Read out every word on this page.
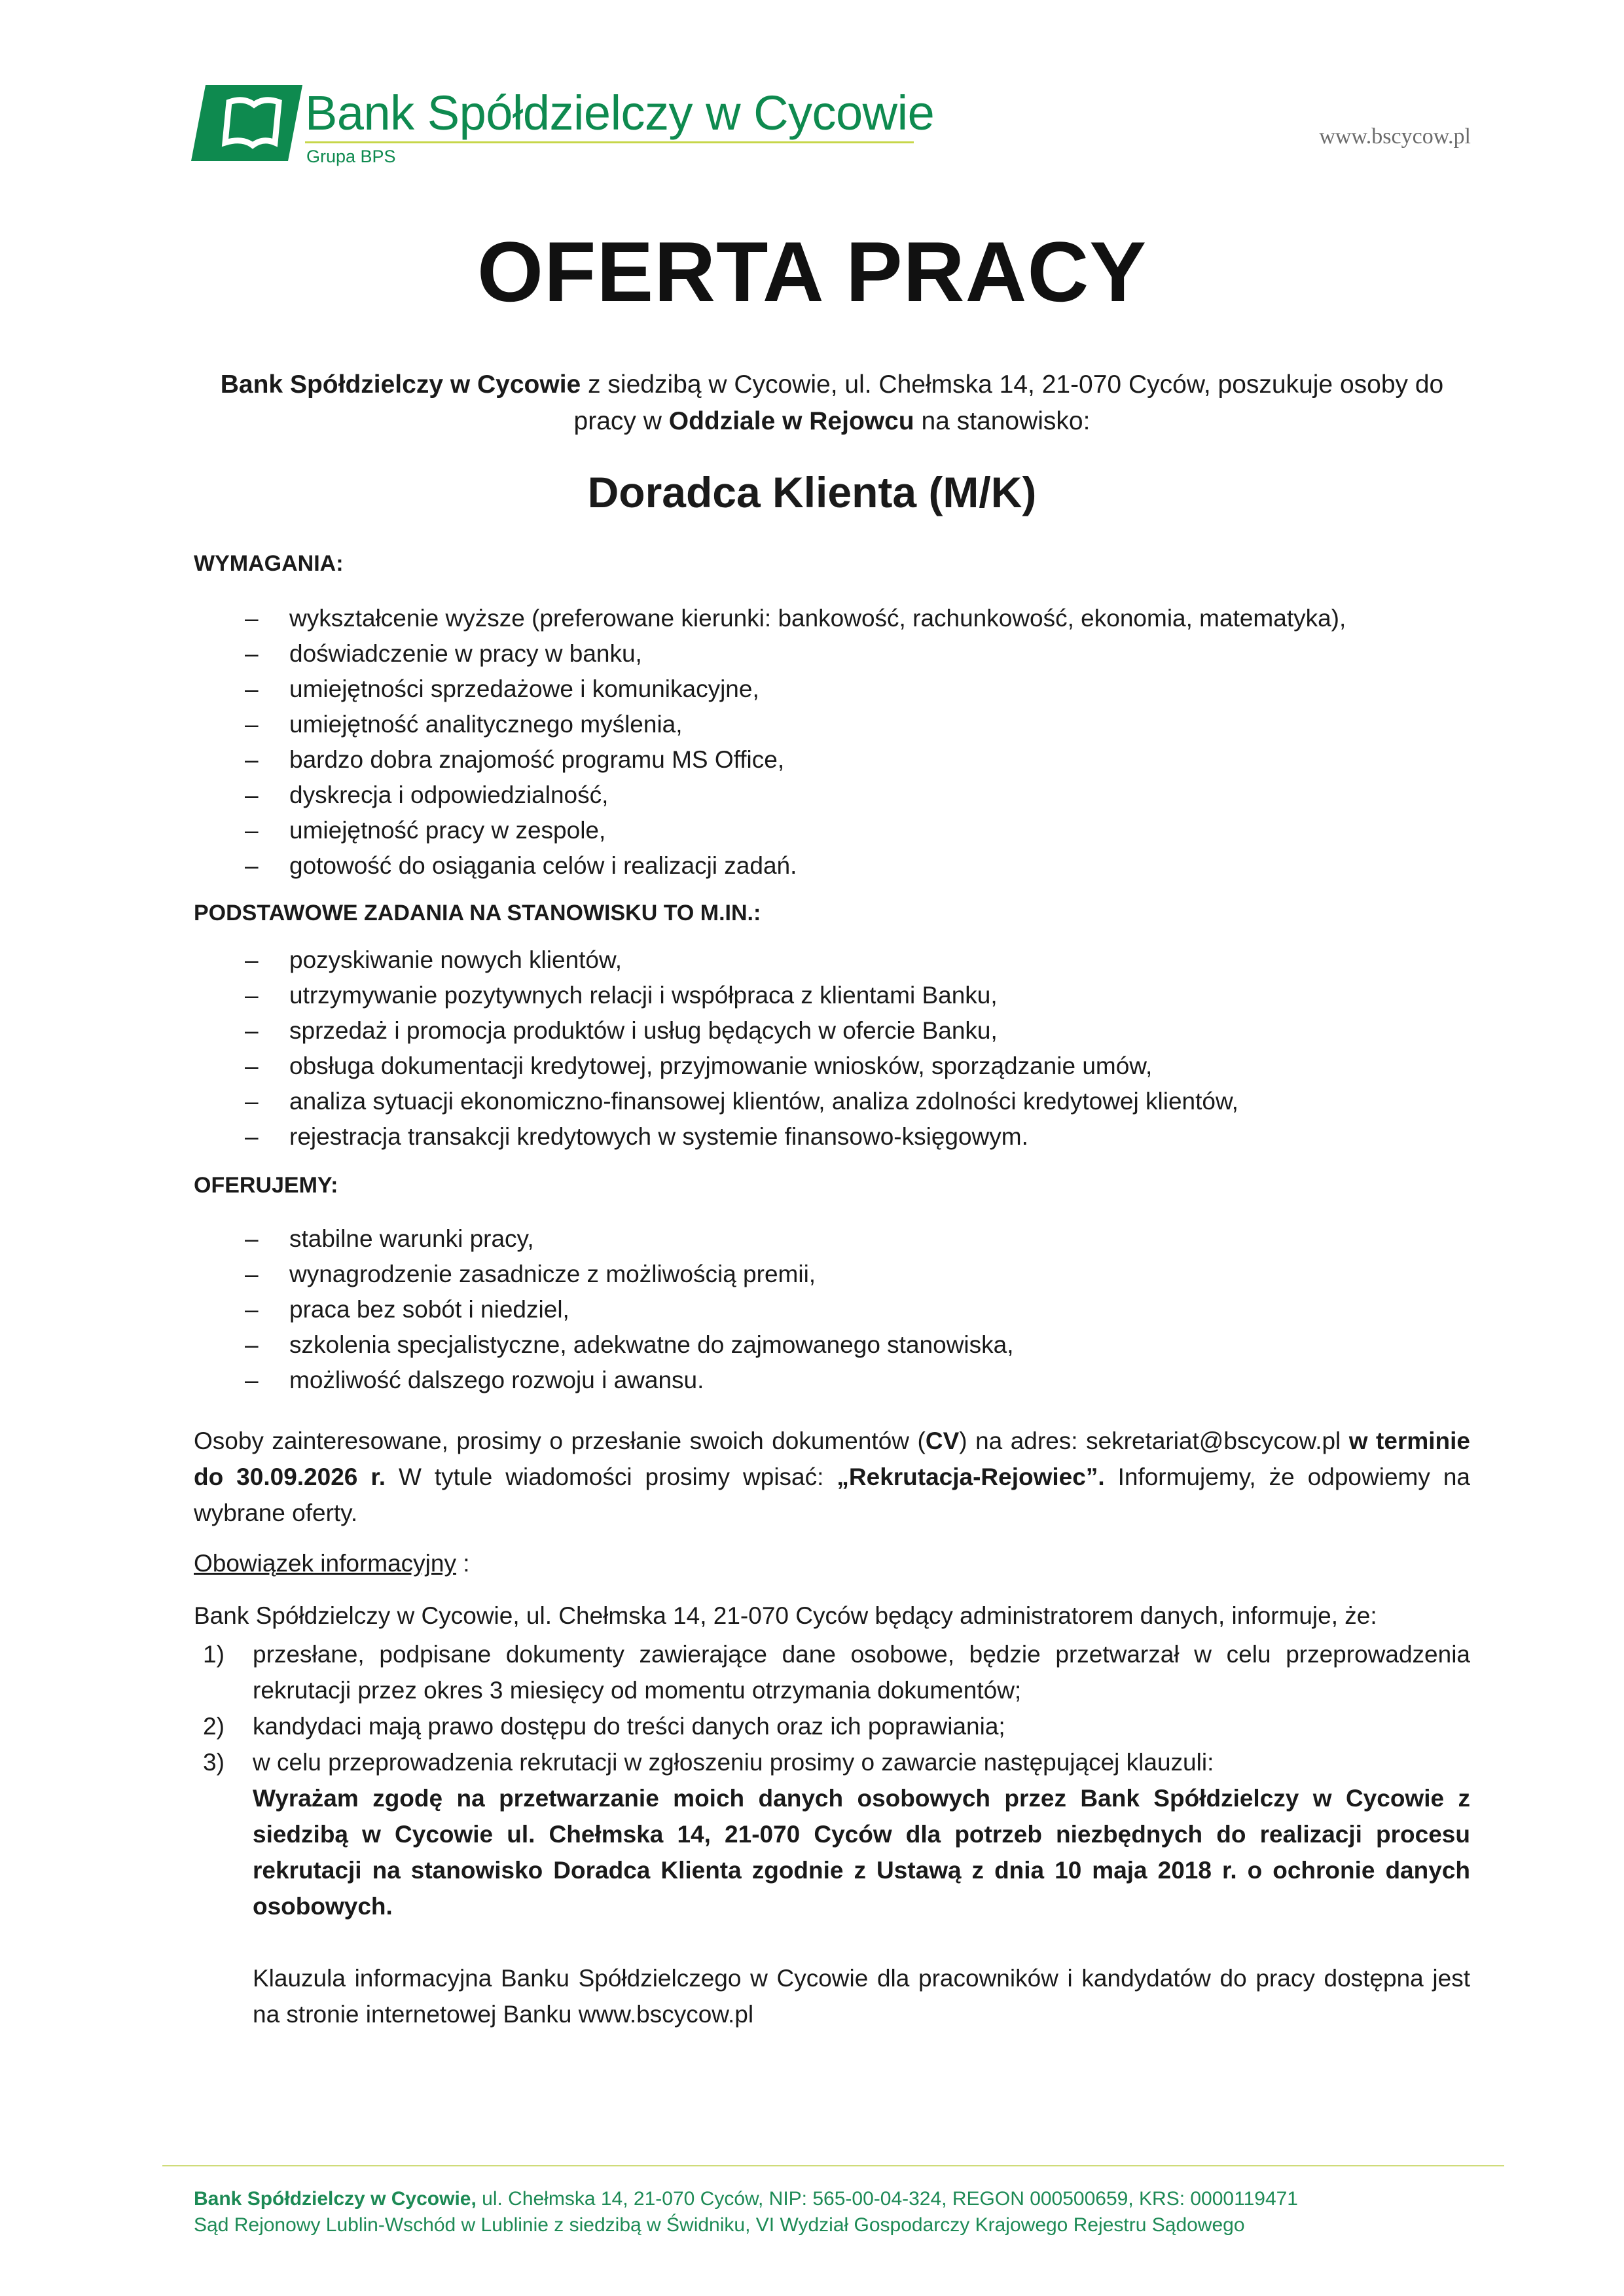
Bank Spółdzielczy w Cycowie
Grupa BPS
www.bscycow.pl
OFERTA PRACY
Bank Spółdzielczy w Cycowie z siedzibą w Cycowie, ul. Chełmska 14, 21-070 Cyców, poszukuje osoby do pracy w Oddziale w Rejowcu na stanowisko:
Doradca Klienta (M/K)
WYMAGANIA:
– wykształcenie wyższe (preferowane kierunki: bankowość, rachunkowość, ekonomia, matematyka),
– doświadczenie w pracy w banku,
– umiejętności sprzedażowe i komunikacyjne,
– umiejętność analitycznego myślenia,
– bardzo dobra znajomość programu MS Office,
– dyskrecja i odpowiedzialność,
– umiejętność pracy w zespole,
– gotowość do osiągania celów i realizacji zadań.
PODSTAWOWE ZADANIA NA STANOWISKU TO M.IN.:
– pozyskiwanie nowych klientów,
– utrzymywanie pozytywnych relacji i współpraca z klientami Banku,
– sprzedaż i promocja produktów i usług będących w ofercie Banku,
– obsługa dokumentacji kredytowej, przyjmowanie wniosków, sporządzanie umów,
– analiza sytuacji ekonomiczno-finansowej klientów, analiza zdolności kredytowej klientów,
– rejestracja transakcji kredytowych w systemie finansowo-księgowym.
OFERUJEMY:
– stabilne warunki pracy,
– wynagrodzenie zasadnicze z możliwością premii,
– praca bez sobót i niedziel,
– szkolenia specjalistyczne, adekwatne do zajmowanego stanowiska,
– możliwość dalszego rozwoju i awansu.
Osoby zainteresowane, prosimy o przesłanie swoich dokumentów (CV) na adres: sekretariat@bscycow.pl w terminie do 30.09.2026 r. W tytule wiadomości prosimy wpisać: „Rekrutacja-Rejowiec”. Informujemy, że odpowiemy na wybrane oferty.
Obowiązek informacyjny :
Bank Spółdzielczy w Cycowie, ul. Chełmska 14, 21-070 Cyców będący administratorem danych, informuje, że:
1) przesłane, podpisane dokumenty zawierające dane osobowe, będzie przetwarzał w celu przeprowadzenia rekrutacji przez okres 3 miesięcy od momentu otrzymania dokumentów;
2) kandydaci mają prawo dostępu do treści danych oraz ich poprawiania;
3) w celu przeprowadzenia rekrutacji w zgłoszeniu prosimy o zawarcie następującej klauzuli:
Wyrażam zgodę na przetwarzanie moich danych osobowych przez Bank Spółdzielczy w Cycowie z siedzibą w Cycowie ul. Chełmska 14, 21-070 Cyców dla potrzeb niezbędnych do realizacji procesu rekrutacji na stanowisko Doradca Klienta zgodnie z Ustawą z dnia 10 maja 2018 r. o ochronie danych osobowych.
Klauzula informacyjna Banku Spółdzielczego w Cycowie dla pracowników i kandydatów do pracy dostępna jest na stronie internetowej Banku www.bscycow.pl
Bank Spółdzielczy w Cycowie, ul. Chełmska 14, 21-070 Cyców, NIP: 565-00-04-324, REGON 000500659, KRS: 0000119471
Sąd Rejonowy Lublin-Wschód w Lublinie z siedzibą w Świdniku, VI Wydział Gospodarczy Krajowego Rejestru Sądowego
